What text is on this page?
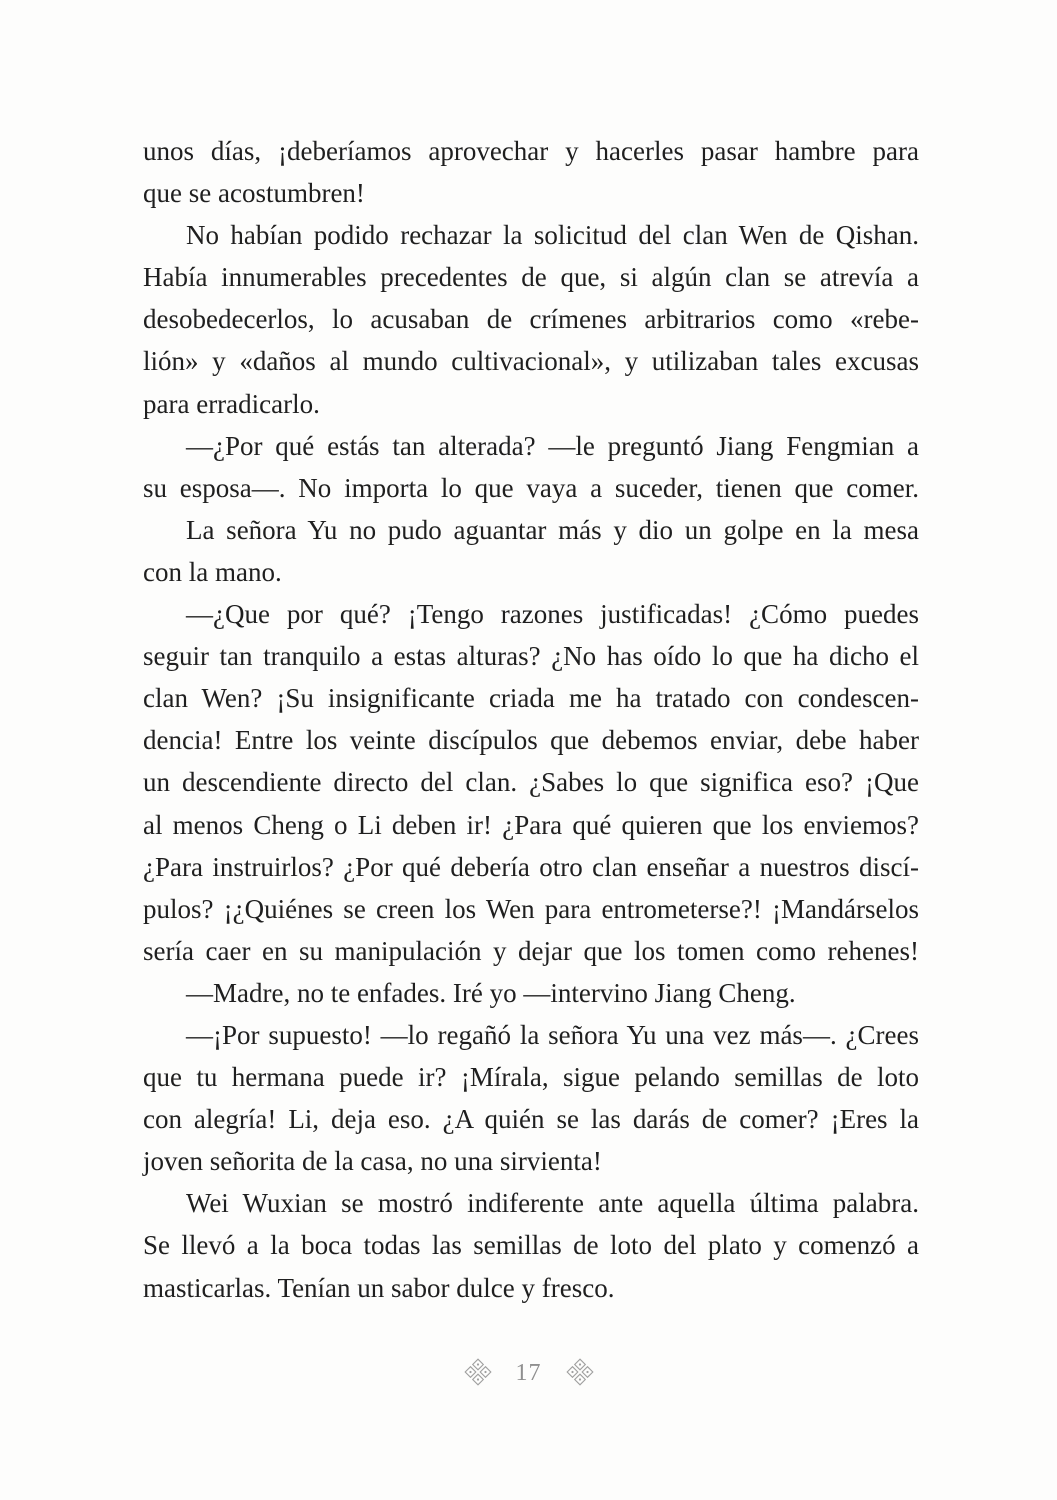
unos días, ¡deberíamos aprovechar y hacerles pasar hambre para
que se acostumbren!
No habían podido rechazar la solicitud del clan Wen de Qishan.
Había innumerables precedentes de que, si algún clan se atrevía a
desobedecerlos, lo acusaban de crímenes arbitrarios como «rebe-
lión» y «daños al mundo cultivacional», y utilizaban tales excusas
para erradicarlo.
—¿Por qué estás tan alterada? —le preguntó Jiang Fengmian a
su esposa—. No importa lo que vaya a suceder, tienen que comer.
La señora Yu no pudo aguantar más y dio un golpe en la mesa
con la mano.
—¿Que por qué? ¡Tengo razones justificadas! ¿Cómo puedes
seguir tan tranquilo a estas alturas? ¿No has oído lo que ha dicho el
clan Wen? ¡Su insignificante criada me ha tratado con condescen-
dencia! Entre los veinte discípulos que debemos enviar, debe haber
un descendiente directo del clan. ¿Sabes lo que significa eso? ¡Que
al menos Cheng o Li deben ir! ¿Para qué quieren que los enviemos?
¿Para instruirlos? ¿Por qué debería otro clan enseñar a nuestros discí-
pulos? ¡¿Quiénes se creen los Wen para entrometerse?! ¡Mandárselos
sería caer en su manipulación y dejar que los tomen como rehenes!
—Madre, no te enfades. Iré yo —intervino Jiang Cheng.
—¡Por supuesto! —lo regañó la señora Yu una vez más—. ¿Crees
que tu hermana puede ir? ¡Mírala, sigue pelando semillas de loto
con alegría! Li, deja eso. ¿A quién se las darás de comer? ¡Eres la
joven señorita de la casa, no una sirvienta!
Wei Wuxian se mostró indiferente ante aquella última palabra.
Se llevó a la boca todas las semillas de loto del plato y comenzó a
masticarlas. Tenían un sabor dulce y fresco.
17
